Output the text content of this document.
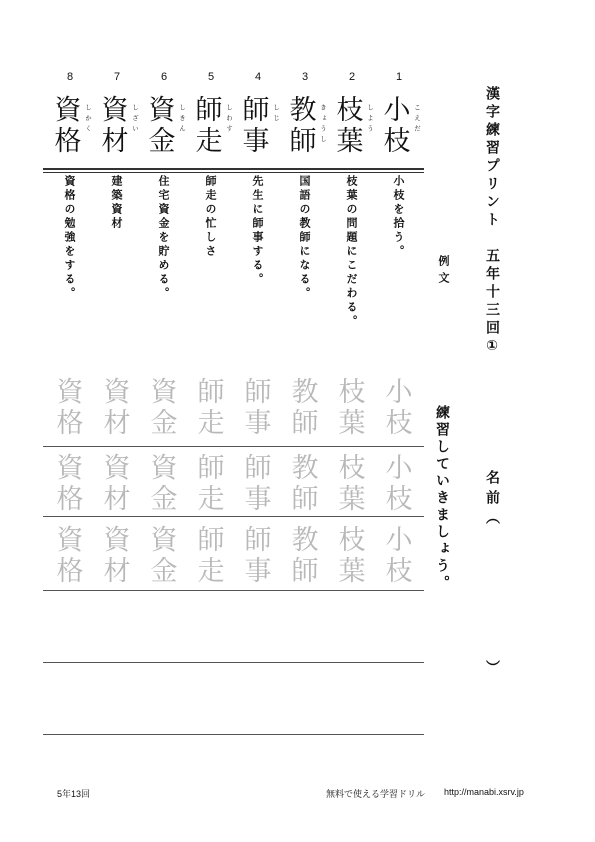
1
2
3
4
5
6
7
8
小
枝
こえだ
枝
葉
しよう
教
師 きょうし
師
事
しじ
師
走
しわす
資
金
しきん
資
材
しざい
資
格
しかく
小枝を拾う。
枝葉の問題にこだわる。
国語の教師になる。
先生に師事する。
師走の忙しさ
住宅資金を貯める。
建築資材
資格の勉強をする。
小
枝
枝
葉
教
師
師
事
師
走
資
金
資
材
資
格
小
枝
枝
葉
教
師
師
事
師
走
資
金
資
材
資
格
小
枝
枝
葉
教
師
師
事
師
走
資
金
資
材
資
格
例文
練習していきましょう。
漢字練習プリント　五年十三回①
名前（
）
5年13回	無料で使える学習ドリル http://manabi.xsrv.jp
